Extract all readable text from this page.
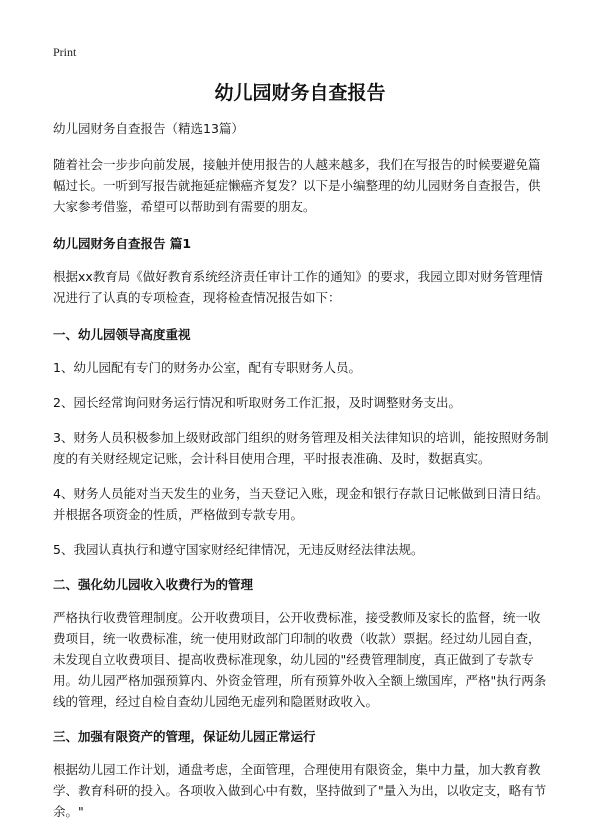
Print
幼儿园财务自查报告

幼儿园财务自查报告（精选13篇）

随着社会一步步向前发展，接触并使用报告的人越来越多，我们在写报告的时候要避免篇幅过长。一听到写报告就拖延症懒癌齐复发？以下是小编整理的幼儿园财务自查报告，供大家参考借鉴，希望可以帮助到有需要的朋友。

幼儿园财务自查报告 篇1

根据xx教育局《做好教育系统经济责任审计工作的通知》的要求，我园立即对财务管理情况进行了认真的专项检查，现将检查情况报告如下：

一、幼儿园领导高度重视

1、幼儿园配有专门的财务办公室，配有专职财务人员。

2、园长经常询问财务运行情况和听取财务工作汇报，及时调整财务支出。

3、财务人员积极参加上级财政部门组织的财务管理及相关法律知识的培训，能按照财务制度的有关财经规定记账，会计科目使用合理，平时报表准确、及时，数据真实。

4、财务人员能对当天发生的业务，当天登记入账，现金和银行存款日记帐做到日清日结。并根据各项资金的性质，严格做到专款专用。

5、我园认真执行和遵守国家财经纪律情况，无违反财经法律法规。

二、强化幼儿园收入收费行为的管理

严格执行收费管理制度。公开收费项目，公开收费标准，接受教师及家长的监督，统一收费项目，统一收费标准，统一使用财政部门印制的收费（收款）票据。经过幼儿园自查，未发现自立收费项目、提高收费标准现象，幼儿园的"经费管理制度，真正做到了专款专用。幼儿园严格加强预算内、外资金管理，所有预算外收入全额上缴国库，严格"执行两条线的管理，经过自检自查幼儿园绝无虚列和隐匿财政收入。

三、加强有限资产的管理，保证幼儿园正常运行

根据幼儿园工作计划，通盘考虑，全面管理，合理使用有限资金，集中力量，加大教育教学、教育科研的投入。各项收入做到心中有数，坚持做到了"量入为出，以收定支，略有节余。"
